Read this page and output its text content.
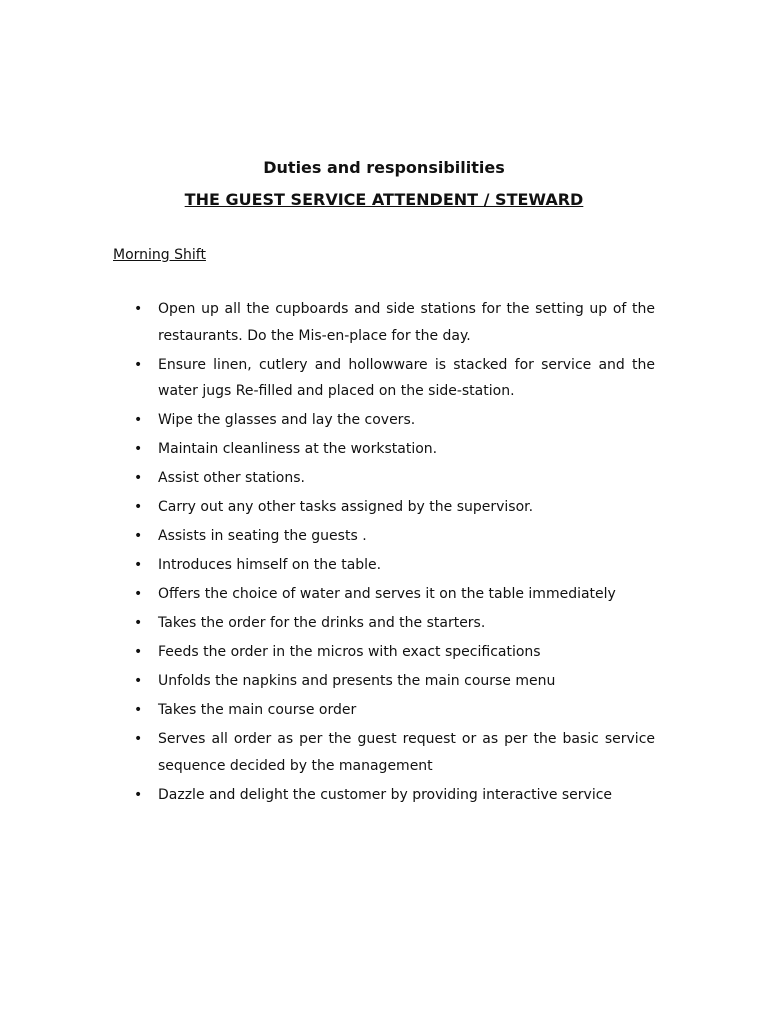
Duties and responsibilities
THE GUEST SERVICE ATTENDENT / STEWARD
Morning Shift
• Open up all the cupboards and side stations for the setting up of the restaurants. Do the Mis-en-place for the day.
• Ensure linen, cutlery and hollowware is stacked for service and the water jugs Re-filled and placed on the side-station.
• Wipe the glasses and lay the covers.
• Maintain cleanliness at the workstation.
• Assist other stations.
• Carry out any other tasks assigned by the supervisor.
• Assists in seating the guests .
• Introduces himself on the table.
• Offers the choice of water and serves it on the table immediately
• Takes the order for the drinks and the starters.
• Feeds the order in the micros with exact specifications
• Unfolds the napkins and presents the main course menu
• Takes the main course order
• Serves all order as per the guest request or as per the basic service sequence decided by the management
• Dazzle and delight the customer by providing interactive service
